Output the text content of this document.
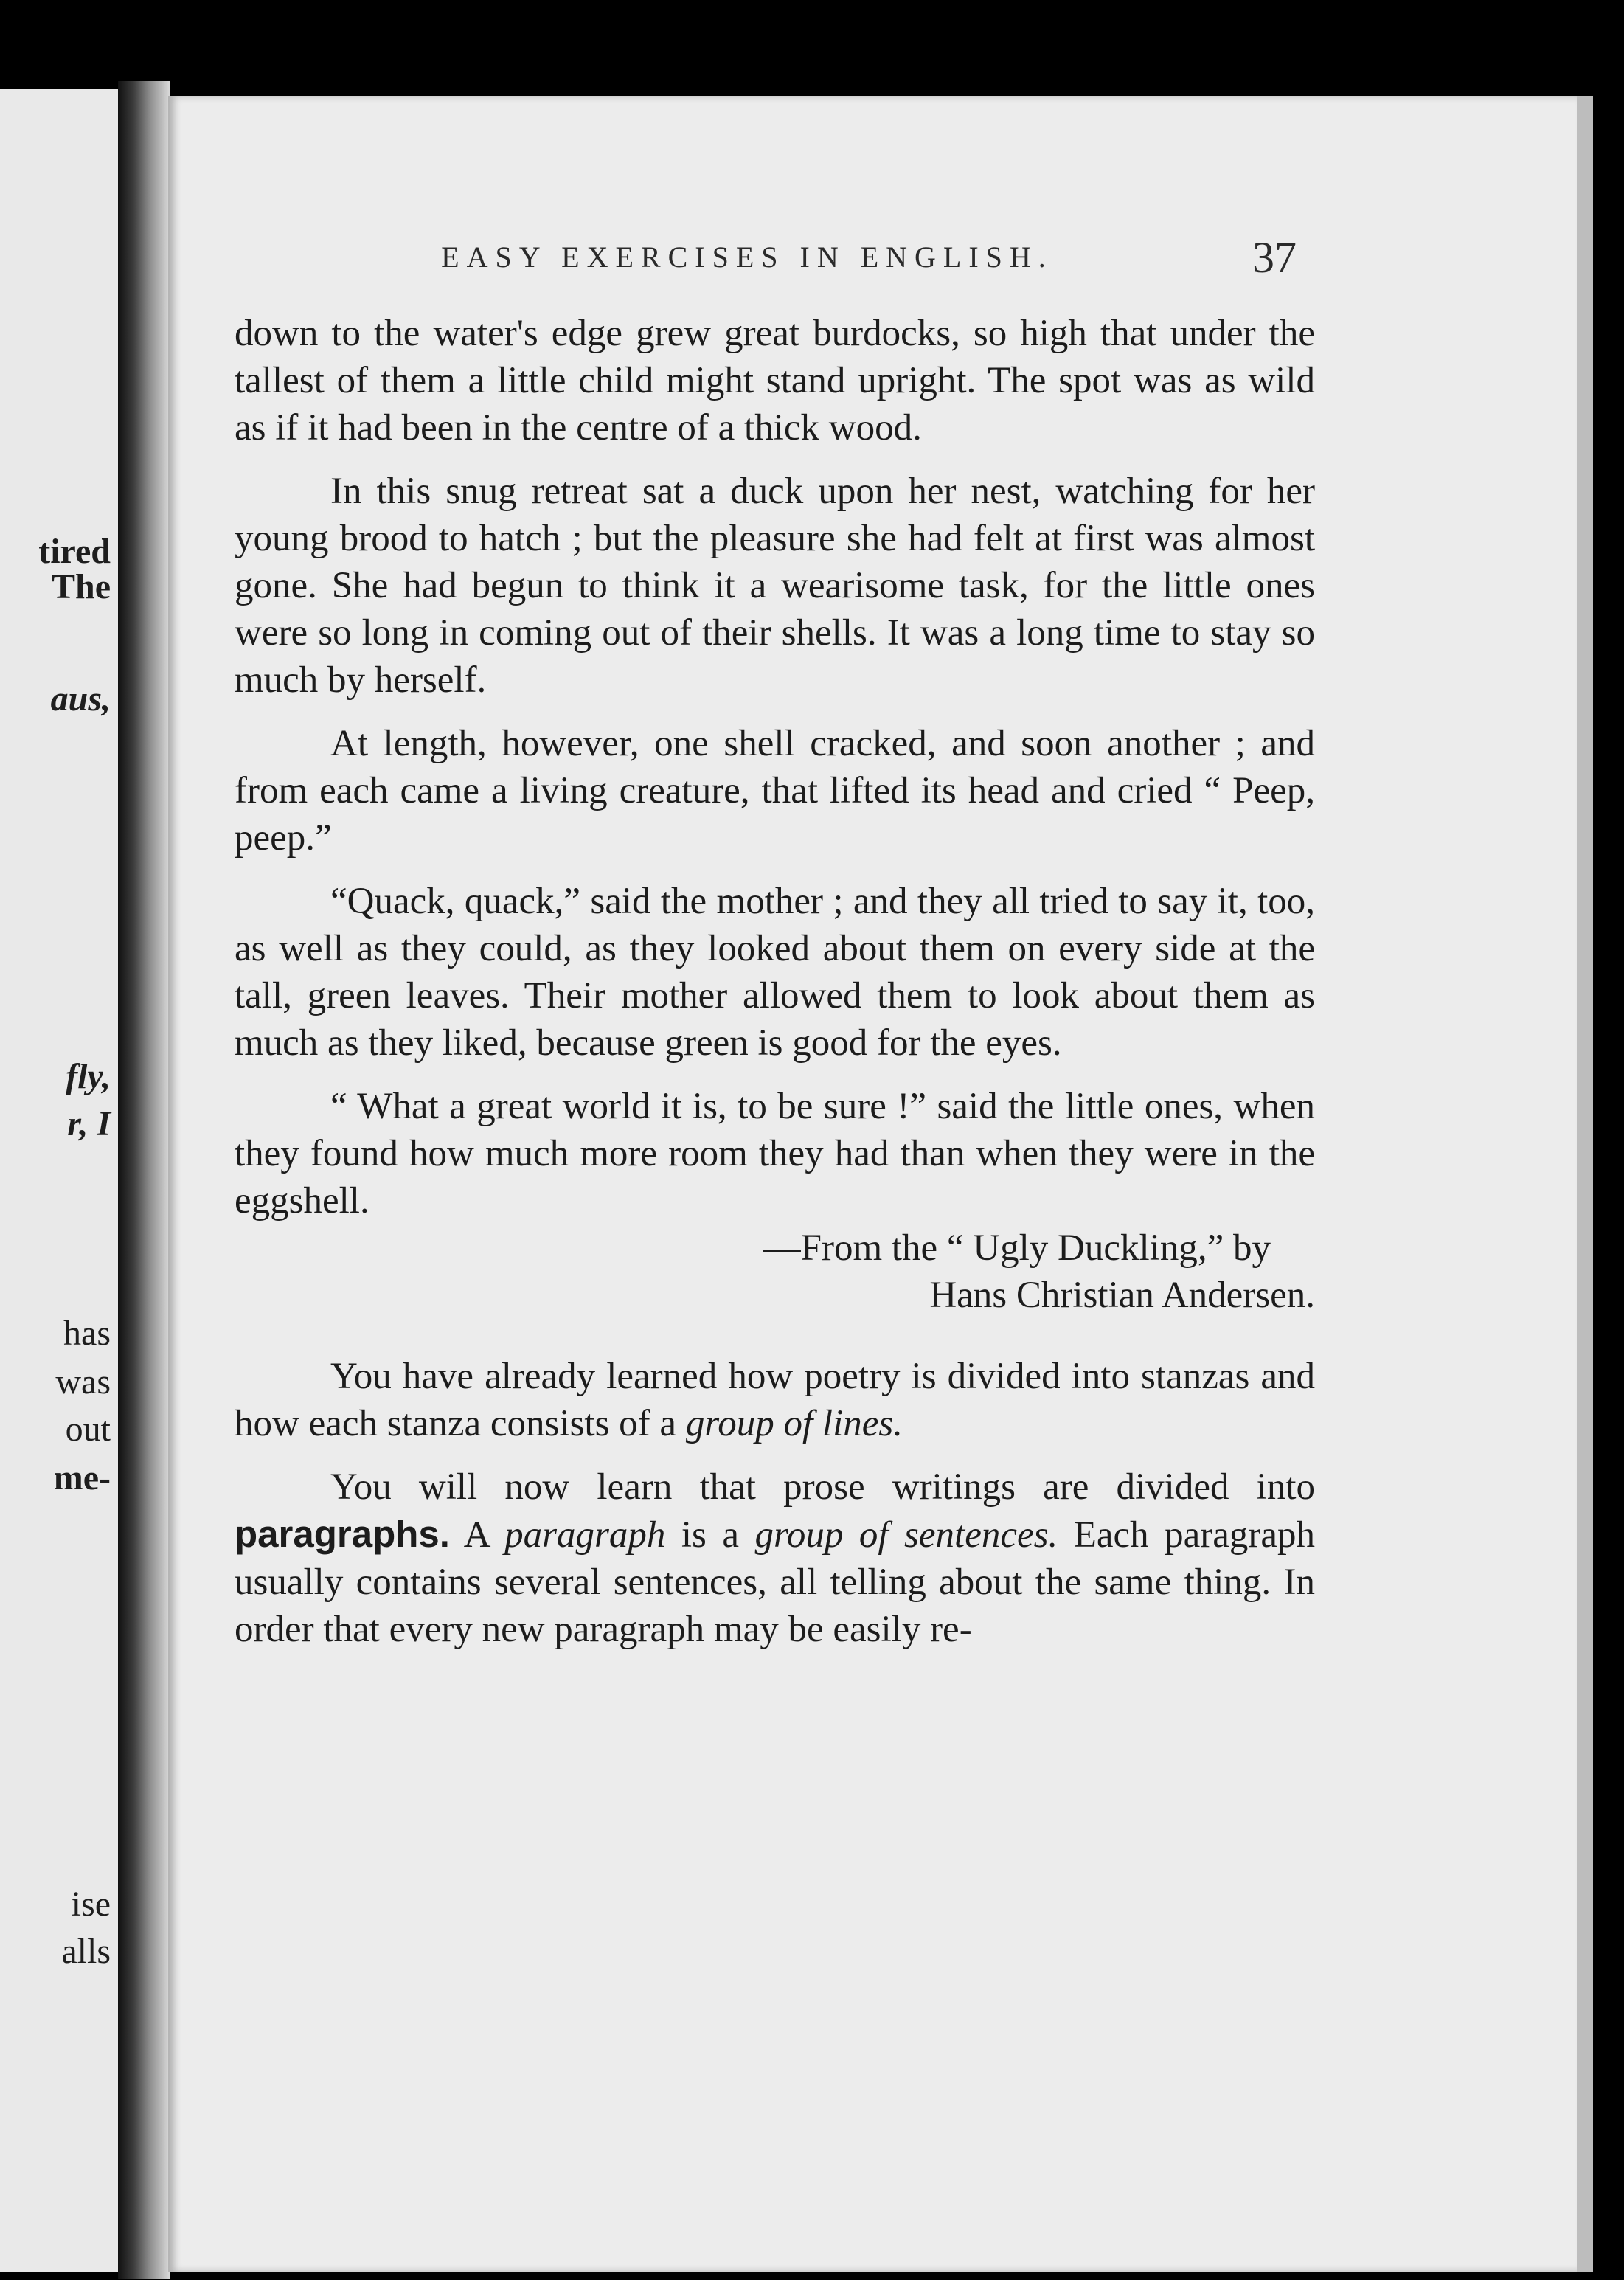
tired
The
aus,
fly,
r, I
has
was
out
me-
ise
alls
EASY EXERCISES IN ENGLISH.	37

down to the water's edge grew great burdocks, so high that under the tallest of them a little child might stand upright. The spot was as wild as if it had been in the centre of a thick wood.

In this snug retreat sat a duck upon her nest, watching for her young brood to hatch ; but the pleasure she had felt at first was almost gone. She had begun to think it a wearisome task, for the little ones were so long in coming out of their shells. It was a long time to stay so much by herself.

At length, however, one shell cracked, and soon another ; and from each came a living creature, that lifted its head and cried “ Peep, peep.”

“Quack, quack,” said the mother ; and they all tried to say it, too, as well as they could, as they looked about them on every side at the tall, green leaves. Their mother allowed them to look about them as much as they liked, because green is good for the eyes.

“ What a great world it is, to be sure !” said the little ones, when they found how much more room they had than when they were in the eggshell.

—From the “ Ugly Duckling,” by

Hans Christian Andersen.

You have already learned how poetry is divided into stanzas and how each stanza consists of a group of lines.

You will now learn that prose writings are divided into paragraphs. A paragraph is a group of sentences. Each paragraph usually contains several sentences, all telling about the same thing. In order that every new paragraph may be easily re-
